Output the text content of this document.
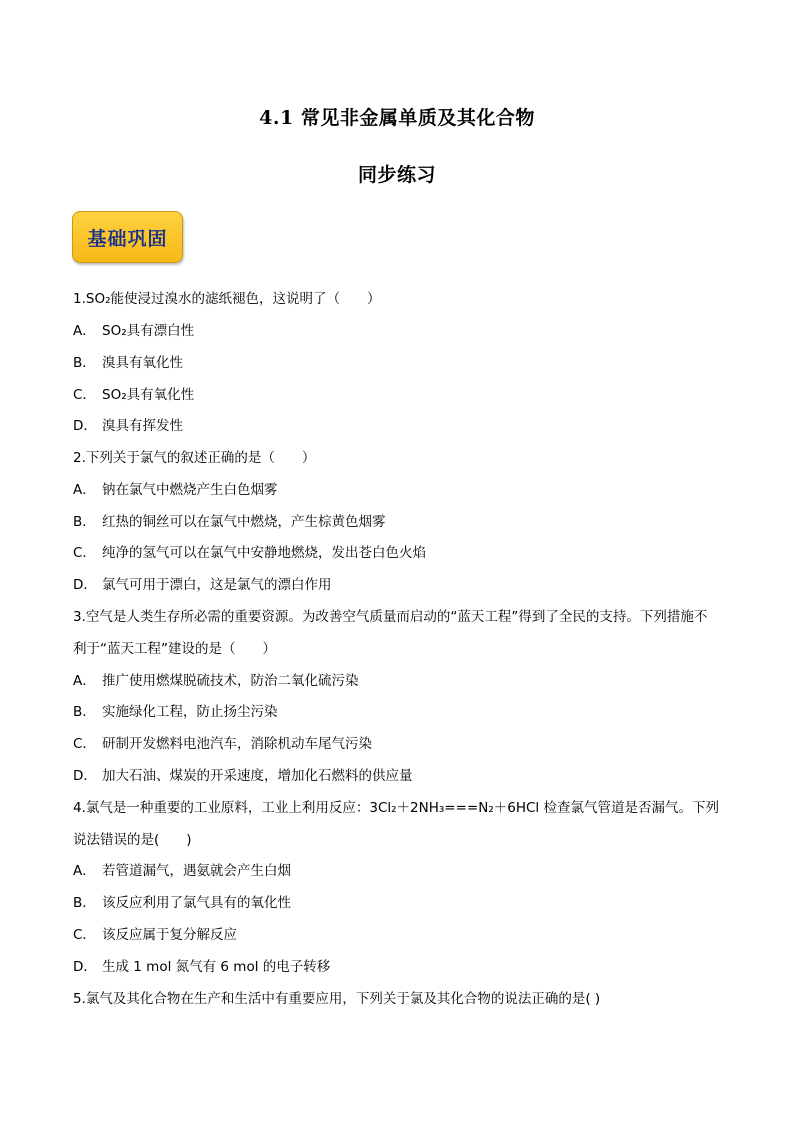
4.1 常见非金属单质及其化合物
同步练习
基础巩固
1.SO₂能使浸过溴水的滤纸褪色，这说明了（　　）
A． SO₂具有漂白性
B． 溴具有氧化性
C． SO₂具有氧化性
D． 溴具有挥发性
2.下列关于氯气的叙述正确的是（　　）
A． 钠在氯气中燃烧产生白色烟雾
B． 红热的铜丝可以在氯气中燃烧，产生棕黄色烟雾
C． 纯净的氢气可以在氯气中安静地燃烧，发出苍白色火焰
D． 氯气可用于漂白，这是氯气的漂白作用
3.空气是人类生存所必需的重要资源。为改善空气质量而启动的“蓝天工程”得到了全民的支持。下列措施不
利于“蓝天工程”建设的是（　　）
A． 推广使用燃煤脱硫技术，防治二氧化硫污染
B． 实施绿化工程，防止扬尘污染
C． 研制开发燃料电池汽车，消除机动车尾气污染
D． 加大石油、煤炭的开采速度，增加化石燃料的供应量
4.氯气是一种重要的工业原料，工业上利用反应：3Cl₂＋2NH₃===N₂＋6HCl 检查氯气管道是否漏气。下列
说法错误的是(　　)
A． 若管道漏气，遇氨就会产生白烟
B． 该反应利用了氯气具有的氧化性
C． 该反应属于复分解反应
D． 生成 1 mol 氮气有 6 mol 的电子转移
5.氯气及其化合物在生产和生活中有重要应用，下列关于氯及其化合物的说法正确的是( )
